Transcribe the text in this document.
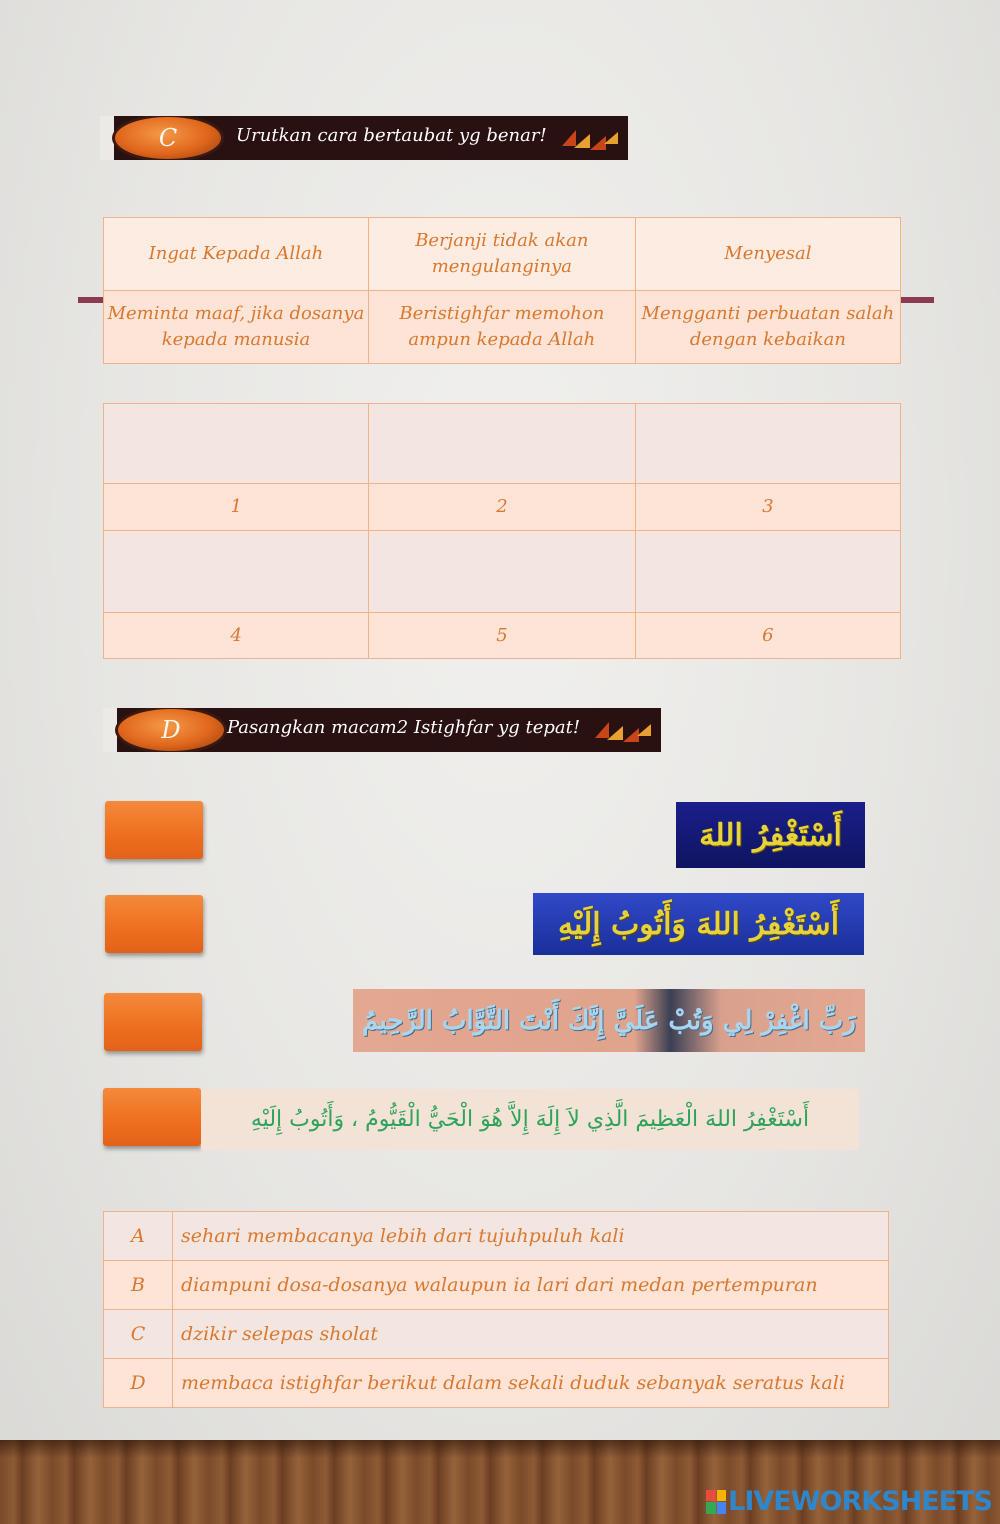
C	Urutkan cara bertaubat yg benar!
Ingat Kepada Allah	Berjanji tidak akan mengulanginya	Menyesal
Meminta maaf, jika dosanya kepada manusia	Beristighfar memohon ampun kepada Allah	Mengganti perbuatan salah dengan kebaikan

1	2	3

4	5	6
D	Pasangkan macam2 Istighfar yg tepat!
أَسْتَغْفِرُ اللهَ
أَسْتَغْفِرُ اللهَ وَأَتُوبُ إِلَيْهِ
رَبِّ اغْفِرْ لِي وَتُبْ عَلَيَّ إِنَّكَ أَنْتَ التَّوَّابُ الرَّحِيمُ
أَسْتَغْفِرُ اللهَ الْعَظِيمَ الَّذِي لاَ إِلَهَ إِلاَّ هُوَ الْحَيُّ الْقَيُّومُ ، وَأَتُوبُ إِلَيْهِ
A	sehari membacanya lebih dari tujuhpuluh kali
B	diampuni dosa-dosanya walaupun ia lari dari medan pertempuran
C	dzikir selepas sholat
D	membaca istighfar berikut dalam sekali duduk sebanyak seratus kali
LIVEWORKSHEETS
